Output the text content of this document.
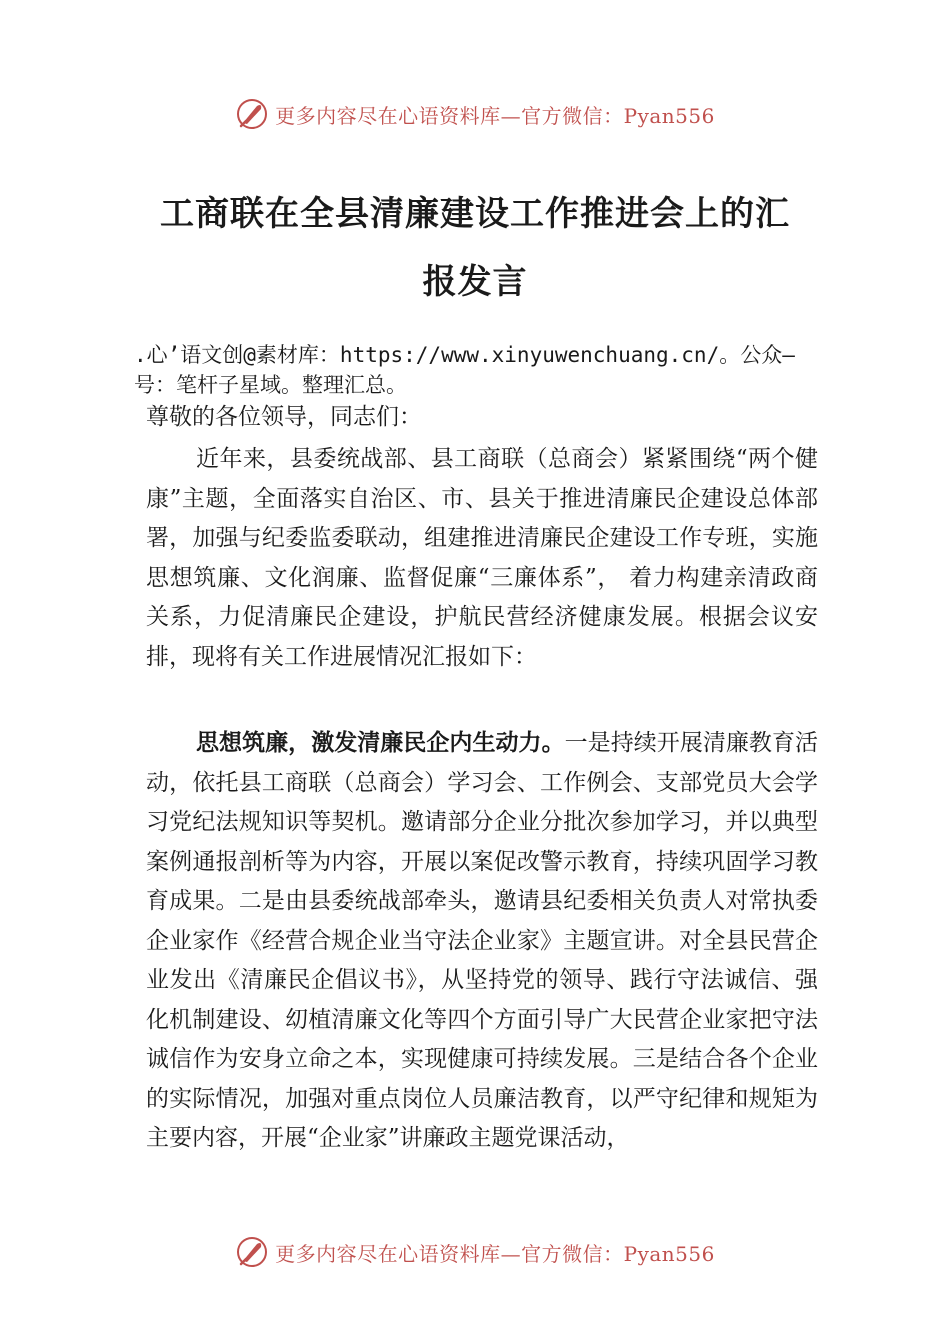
更多内容尽在心语资料库—官方微信：Pyan556
工商联在全县清廉建设工作推进会上的汇报发言

.心’语文创@素材库：https://www.xinyuwenchuang.cn/。公众—号：笔杆子星域。整理汇总。

尊敬的各位领导，同志们：

近年来，县委统战部、县工商联（总商会）紧紧围绕“两个健康”主题，全面落实自治区、市、县关于推进清廉民企建设总体部署，加强与纪委监委联动，组建推进清廉民企建设工作专班，实施思想筑廉、文化润廉、监督促廉“三廉体系”， 着力构建亲清政商关系，力促清廉民企建设，护航民营经济健康发展。根据会议安排，现将有关工作进展情况汇报如下：

思想筑廉，激发清廉民企内生动力。一是持续开展清廉教育活动，依托县工商联（总商会）学习会、工作例会、支部党员大会学习党纪法规知识等契机。邀请部分企业分批次参加学习，并以典型案例通报剖析等为内容，开展以案促改警示教育，持续巩固学习教育成果。二是由县委统战部牵头，邀请县纪委相关负责人对常执委企业家作《经营合规企业当守法企业家》主题宣讲。对全县民营企业发出《清廉民企倡议书》，从坚持党的领导、践行守法诚信、强化机制建设、㓜植清廉文化等四个方面引导广大民营企业家把守法诚信作为安身立命之本，实现健康可持续发展。三是结合各个企业的实际情况，加强对重点岗位人员廉洁教育，以严守纪律和规矩为主要内容，开展“企业家”讲廉政主题党课活动，

更多内容尽在心语资料库—官方微信：Pyan556
